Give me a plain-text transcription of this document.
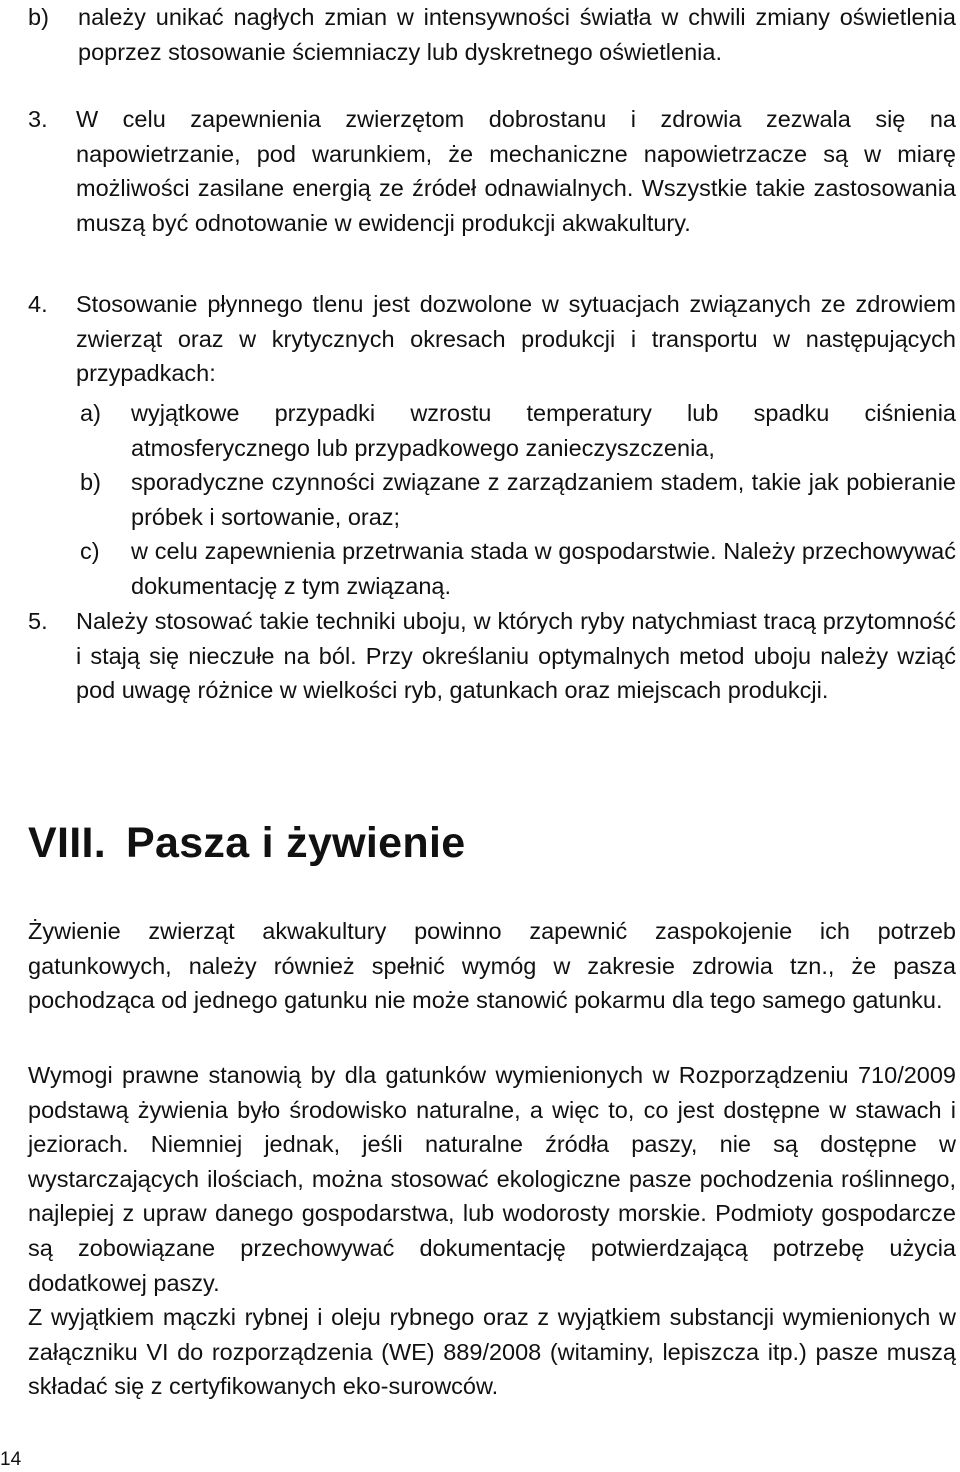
b) należy unikać nagłych zmian w intensywności światła w chwili zmiany oświetlenia poprzez stosowanie ściemniaczy lub dyskretnego oświetlenia.
3. W celu zapewnienia zwierzętom dobrostanu i zdrowia zezwala się na napowietrzanie, pod warunkiem, że mechaniczne napowietrzacze są w miarę możliwości zasilane energią ze źródeł odnawialnych. Wszystkie takie zastosowania muszą być odnotowanie w ewidencji produkcji akwakultury.
4. Stosowanie płynnego tlenu jest dozwolone w sytuacjach związanych ze zdrowiem zwierząt oraz w krytycznych okresach produkcji i transportu w następujących przypadkach:
a) wyjątkowe przypadki wzrostu temperatury lub spadku ciśnienia atmosferycznego lub przypadkowego zanieczyszczenia,
b) sporadyczne czynności związane z zarządzaniem stadem, takie jak pobieranie próbek i sortowanie, oraz;
c) w celu zapewnienia przetrwania stada w gospodarstwie. Należy przechowywać dokumentację z tym związaną.
5. Należy stosować takie techniki uboju, w których ryby natychmiast tracą przytomność i stają się nieczułe na ból. Przy określaniu optymalnych metod uboju należy wziąć pod uwagę różnice w wielkości ryb, gatunkach oraz miejscach produkcji.
VIII. Pasza i żywienie
Żywienie zwierząt akwakultury powinno zapewnić zaspokojenie ich potrzeb gatunkowych, należy również spełnić wymóg w zakresie zdrowia tzn., że pasza pochodząca od jednego gatunku nie może stanowić pokarmu dla tego samego gatunku.
Wymogi prawne stanowią by dla gatunków wymienionych w Rozporządzeniu 710/2009 podstawą żywienia było środowisko naturalne, a więc to, co jest dostępne w stawach i jeziorach. Niemniej jednak, jeśli naturalne źródła paszy, nie są dostępne w wystarczających ilościach, można stosować ekologiczne pasze pochodzenia roślinnego, najlepiej z upraw danego gospodarstwa, lub wodorosty morskie. Podmioty gospodarcze są zobowiązane przechowywać dokumentację potwierdzającą potrzebę użycia dodatkowej paszy.
Z wyjątkiem mączki rybnej i oleju rybnego oraz z wyjątkiem substancji wymienionych w załączniku VI do rozporządzenia (WE) 889/2008 (witaminy, lepiszcza itp.) pasze muszą składać się z certyfikowanych eko-surowców.
14
